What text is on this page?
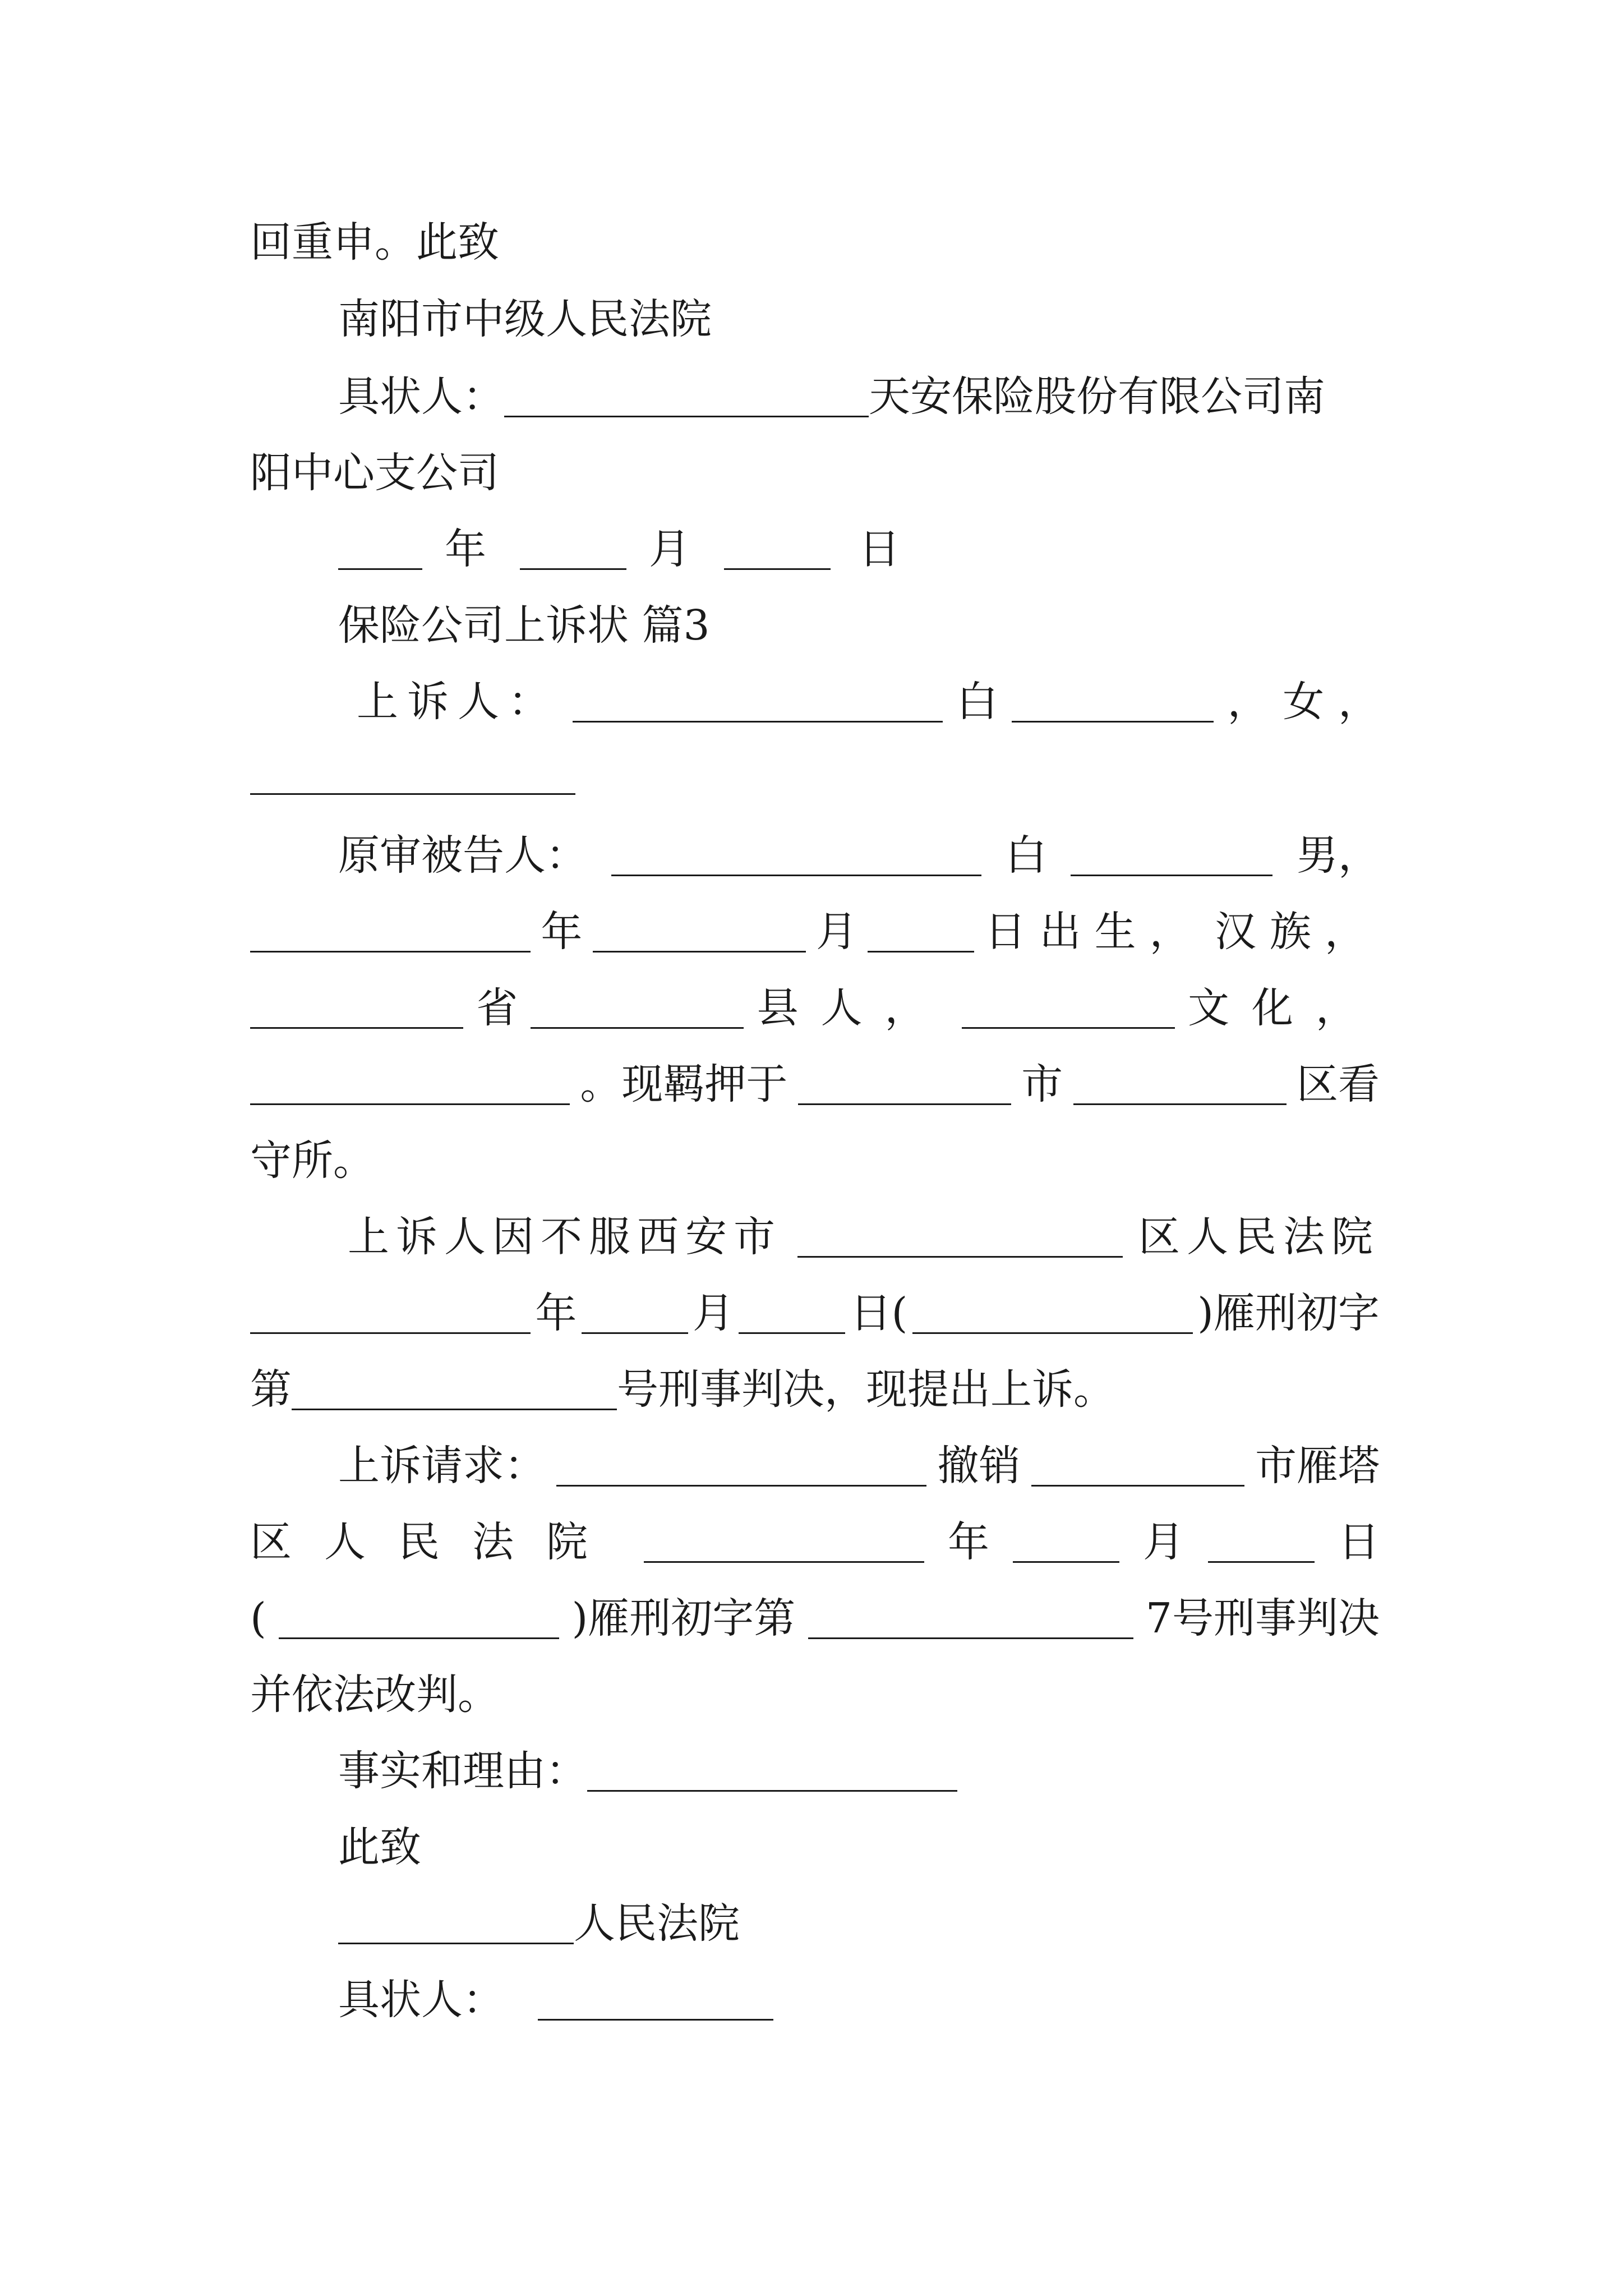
回重申。此致
南阳市中级人民法院
具状人：	天安保险股份有限公司南
阳中心支公司
年	月	日
保险公司上诉状 篇3
上诉人：	白	， 女 ，
原审被告人：	白	男，
年	月	日出生， 汉族，
省	县人，	文化，
。现羁押于	市	区看
守所。
上诉人因不服西安市	区人民法院
年	月	日(	)雁刑初字
第	号刑事判决，现提出上诉。
上诉请求：	撤销	市雁塔
区人民法院	年	月	日
(	)雁刑初字第	7号刑事判决
并依法改判。
事实和理由：
此致
人民法院
具状人：
